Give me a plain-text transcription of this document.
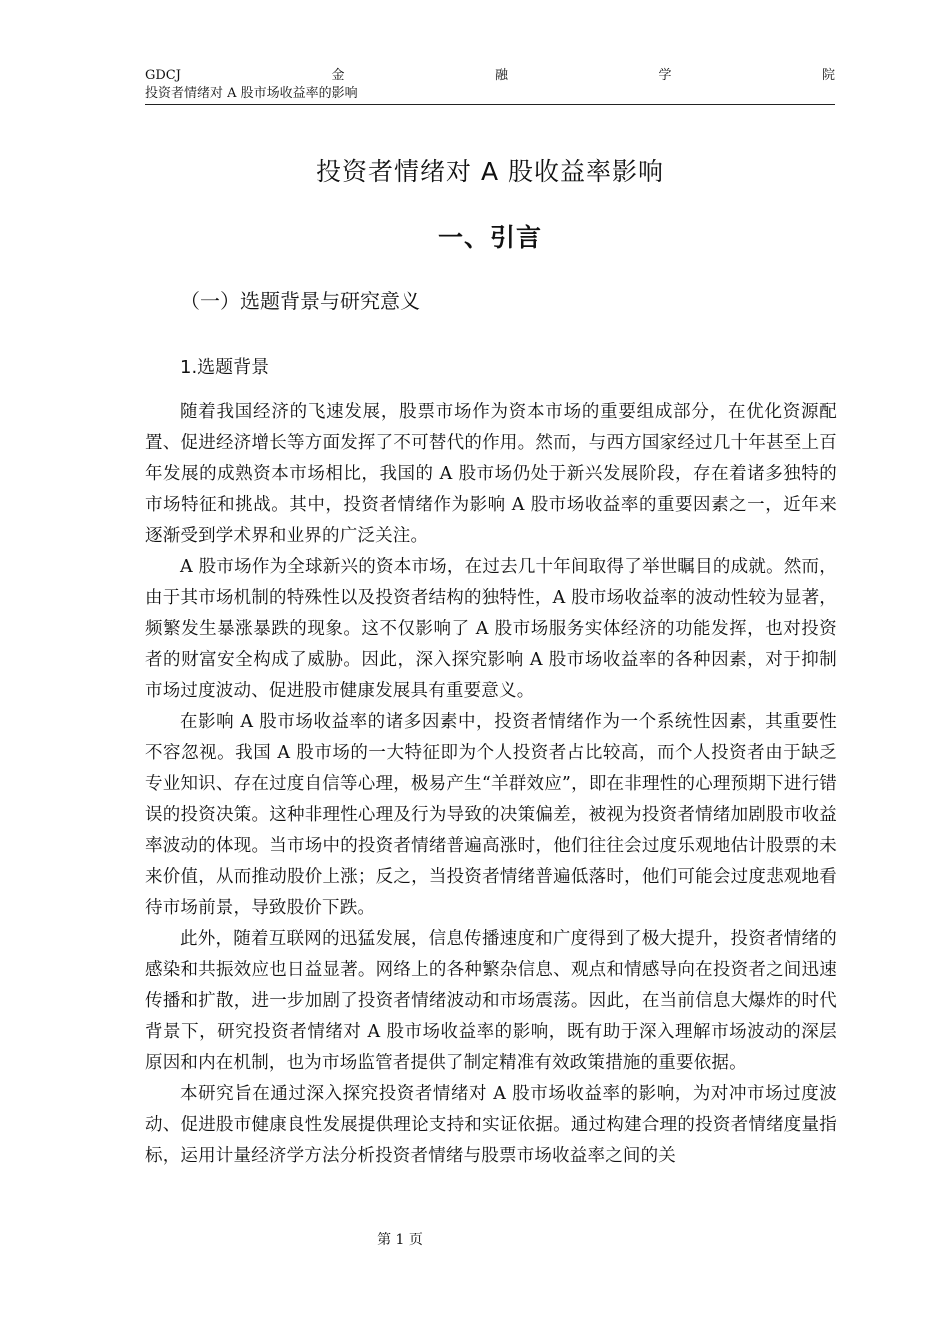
GDCJ	金	融	学	院
投资者情绪对 A 股市场收益率的影响
投资者情绪对 A 股收益率影响
一、引言
（一）选题背景与研究意义
1.选题背景

随着我国经济的飞速发展，股票市场作为资本市场的重要组成部分，在优化资源配置、促进经济增长等方面发挥了不可替代的作用。然而，与西方国家经过几十年甚至上百年发展的成熟资本市场相比，我国的 A 股市场仍处于新兴发展阶段，存在着诸多独特的市场特征和挑战。其中，投资者情绪作为影响 A 股市场收益率的重要因素之一，近年来逐渐受到学术界和业界的广泛关注。

A 股市场作为全球新兴的资本市场，在过去几十年间取得了举世瞩目的成就。然而，由于其市场机制的特殊性以及投资者结构的独特性，A 股市场收益率的波动性较为显著，频繁发生暴涨暴跌的现象。这不仅影响了 A 股市场服务实体经济的功能发挥，也对投资者的财富安全构成了威胁。因此，深入探究影响 A 股市场收益率的各种因素，对于抑制市场过度波动、促进股市健康发展具有重要意义。

在影响 A 股市场收益率的诸多因素中，投资者情绪作为一个系统性因素，其重要性不容忽视。我国 A 股市场的一大特征即为个人投资者占比较高，而个人投资者由于缺乏专业知识、存在过度自信等心理，极易产生“羊群效应”，即在非理性的心理预期下进行错误的投资决策。这种非理性心理及行为导致的决策偏差，被视为投资者情绪加剧股市收益率波动的体现。当市场中的投资者情绪普遍高涨时，他们往往会过度乐观地估计股票的未来价值，从而推动股价上涨；反之，当投资者情绪普遍低落时，他们可能会过度悲观地看待市场前景，导致股价下跌。

此外，随着互联网的迅猛发展，信息传播速度和广度得到了极大提升，投资者情绪的感染和共振效应也日益显著。网络上的各种繁杂信息、观点和情感导向在投资者之间迅速传播和扩散，进一步加剧了投资者情绪波动和市场震荡。因此，在当前信息大爆炸的时代背景下，研究投资者情绪对 A 股市场收益率的影响，既有助于深入理解市场波动的深层原因和内在机制，也为市场监管者提供了制定精准有效政策措施的重要依据。

本研究旨在通过深入探究投资者情绪对 A 股市场收益率的影响，为对冲市场过度波动、促进股市健康良性发展提供理论支持和实证依据。通过构建合理的投资者情绪度量指标，运用计量经济学方法分析投资者情绪与股票市场收益率之间的关

第 1 页
